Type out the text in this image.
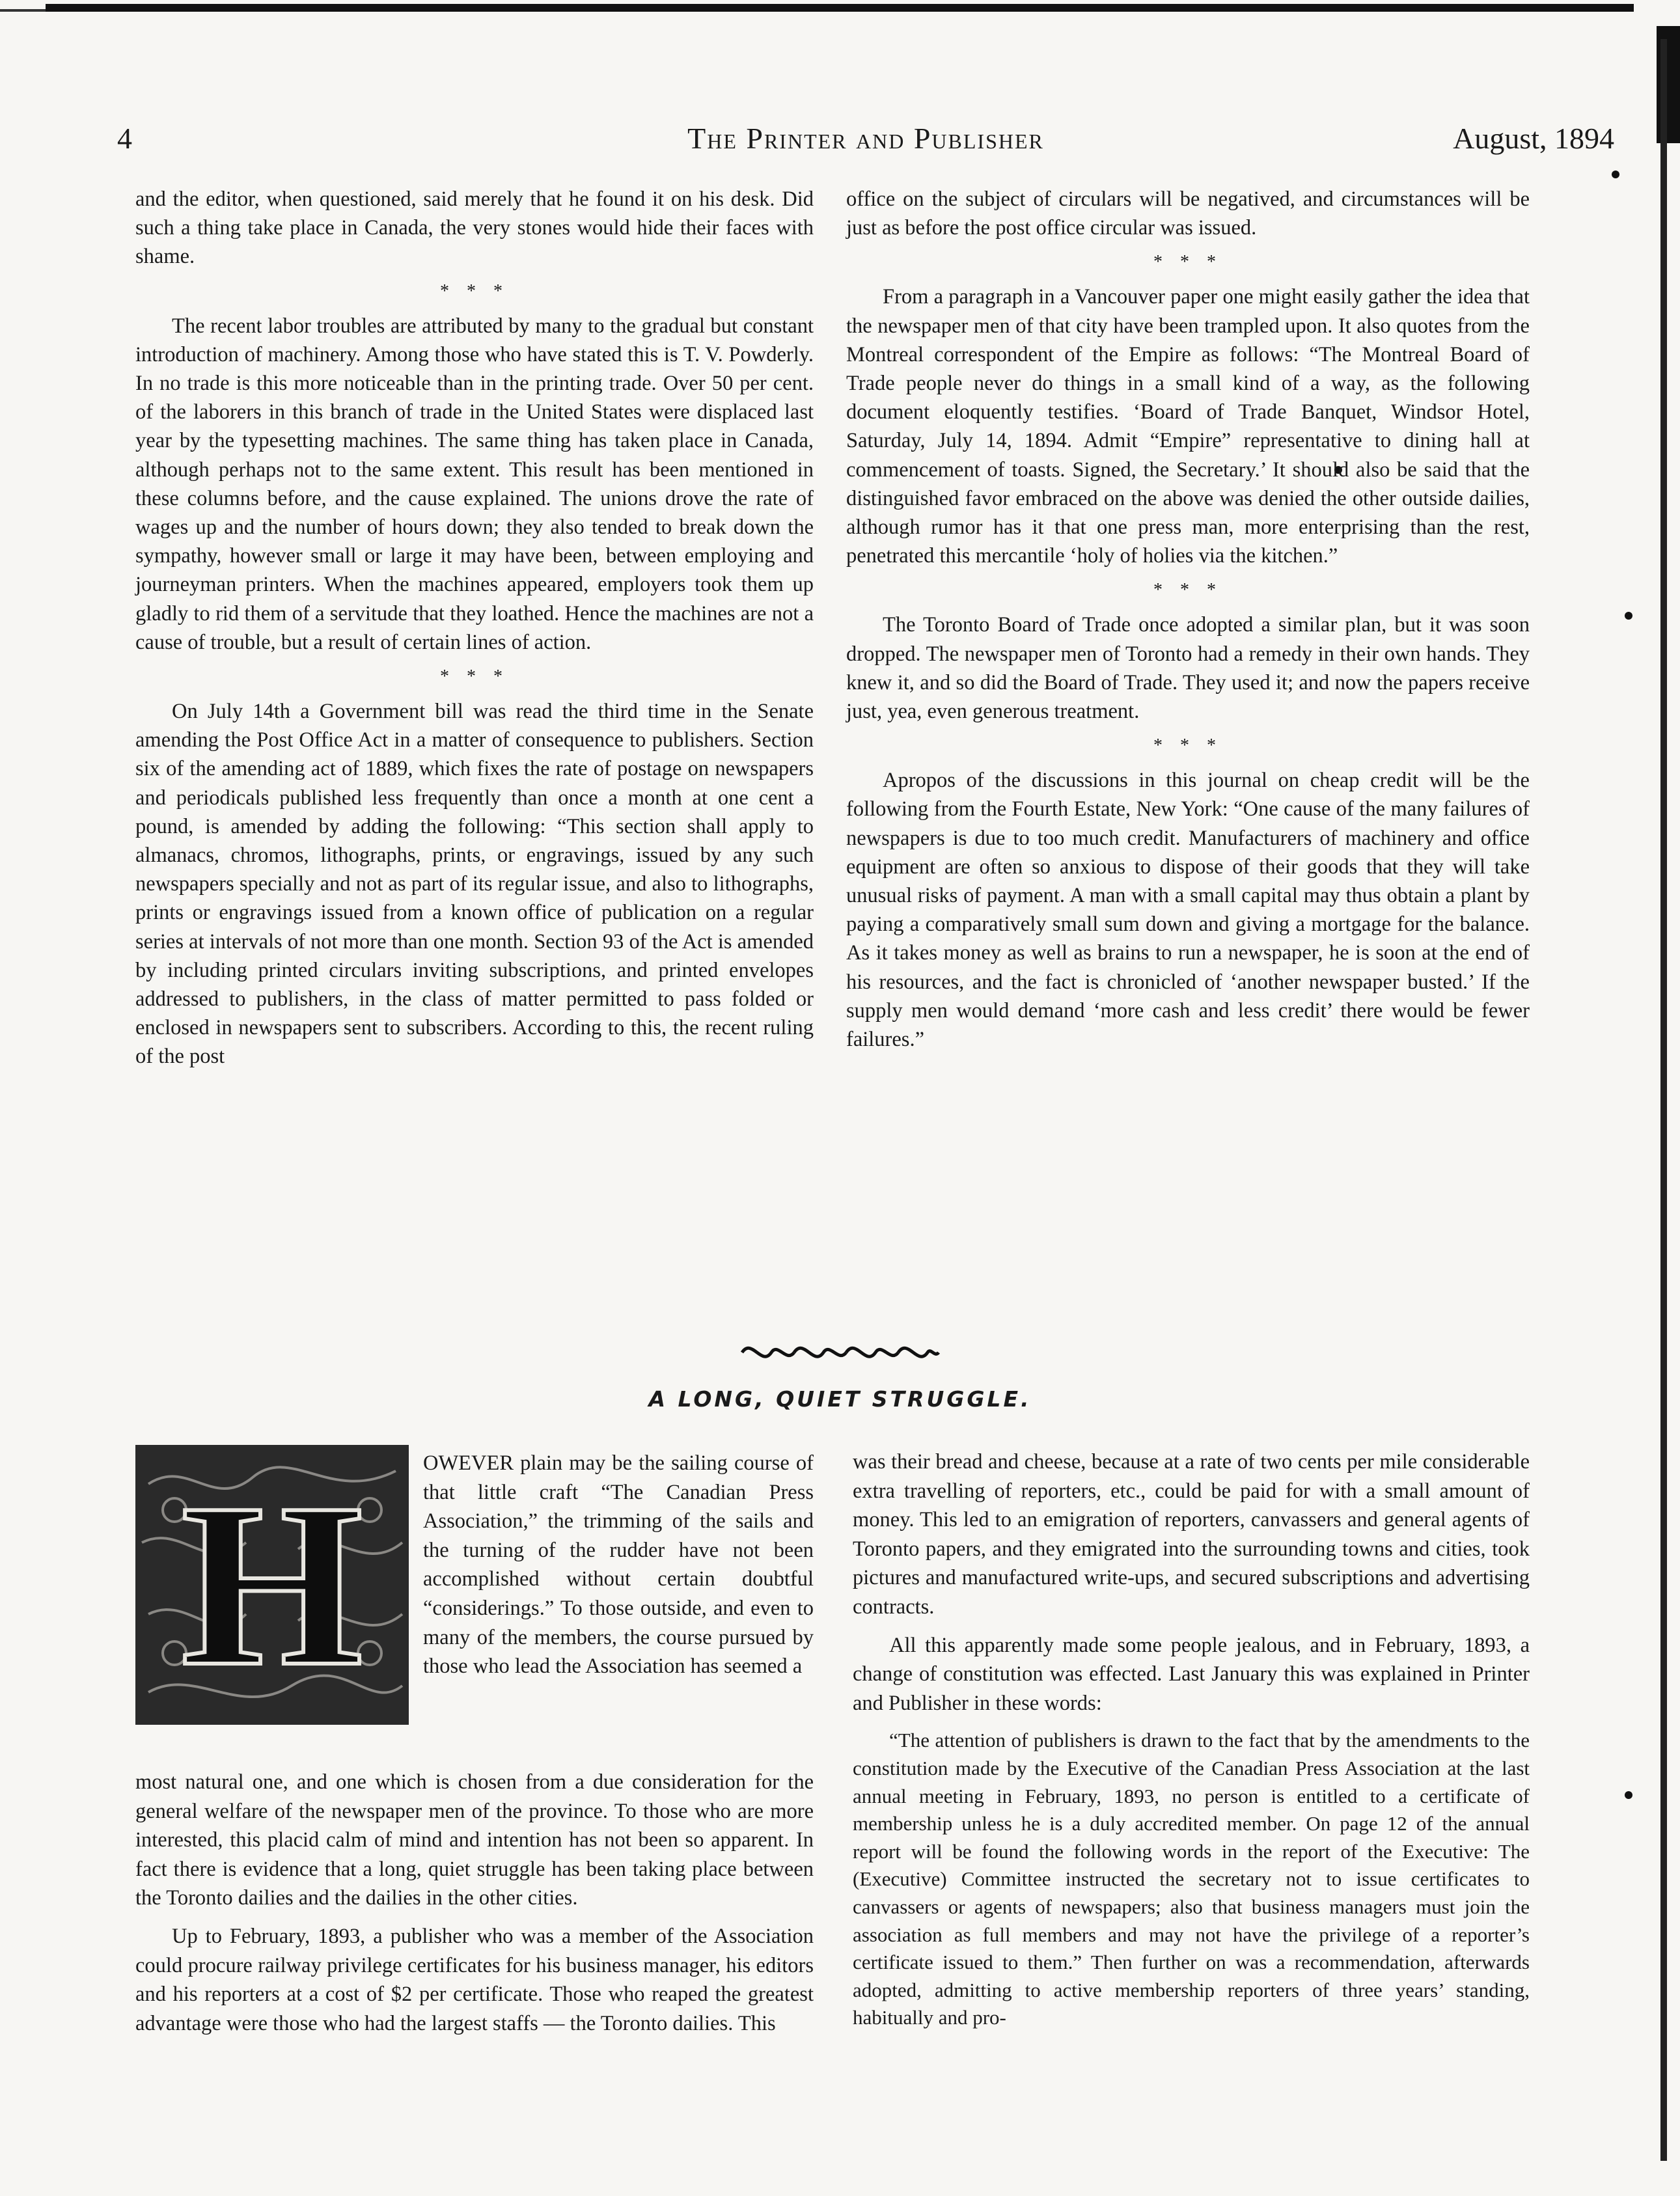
4	The Printer and Publisher	August, 1894

and the editor, when questioned, said merely that he found it on his desk. Did such a thing take place in Canada, the very stones would hide their faces with shame.

* * *

The recent labor troubles are attributed by many to the gradual but constant introduction of machinery. Among those who have stated this is T. V. Powderly. In no trade is this more noticeable than in the printing trade. Over 50 per cent. of the laborers in this branch of trade in the United States were displaced last year by the typesetting machines. The same thing has taken place in Canada, although perhaps not to the same extent. This result has been mentioned in these columns before, and the cause explained. The unions drove the rate of wages up and the number of hours down; they also tended to break down the sympathy, however small or large it may have been, between employing and journeyman printers. When the machines appeared, employers took them up gladly to rid them of a servitude that they loathed. Hence the machines are not a cause of trouble, but a result of certain lines of action.

* * *

On July 14th a Government bill was read the third time in the Senate amending the Post Office Act in a matter of consequence to publishers. Section six of the amending act of 1889, which fixes the rate of postage on newspapers and periodicals published less frequently than once a month at one cent a pound, is amended by adding the following: “This section shall apply to almanacs, chromos, lithographs, prints, or engravings, issued by any such newspapers specially and not as part of its regular issue, and also to lithographs, prints or engravings issued from a known office of publication on a regular series at intervals of not more than one month. Section 93 of the Act is amended by including printed circulars inviting subscriptions, and printed envelopes addressed to publishers, in the class of matter permitted to pass folded or enclosed in newspapers sent to subscribers. According to this, the recent ruling of the post

office on the subject of circulars will be negatived, and circumstances will be just as before the post office circular was issued.

* * *

From a paragraph in a Vancouver paper one might easily gather the idea that the newspaper men of that city have been trampled upon. It also quotes from the Montreal correspondent of the Empire as follows: “The Montreal Board of Trade people never do things in a small kind of a way, as the following document eloquently testifies. ‘Board of Trade Banquet, Windsor Hotel, Saturday, July 14, 1894. Admit “Empire” representative to dining hall at commencement of toasts. Signed, the Secretary.’ It should also be said that the distinguished favor embraced on the above was denied the other outside dailies, although rumor has it that one press man, more enterprising than the rest, penetrated this mercantile ‘holy of holies via the kitchen.”

* * *

The Toronto Board of Trade once adopted a similar plan, but it was soon dropped. The newspaper men of Toronto had a remedy in their own hands. They knew it, and so did the Board of Trade. They used it; and now the papers receive just, yea, even generous treatment.

* * *

Apropos of the discussions in this journal on cheap credit will be the following from the Fourth Estate, New York: “One cause of the many failures of newspapers is due to too much credit. Manufacturers of machinery and office equipment are often so anxious to dispose of their goods that they will take unusual risks of payment. A man with a small capital may thus obtain a plant by paying a comparatively small sum down and giving a mortgage for the balance. As it takes money as well as brains to run a newspaper, he is soon at the end of his resources, and the fact is chronicled of ‘another newspaper busted.’ If the supply men would demand ‘more cash and less credit’ there would be fewer failures.”

A LONG, QUIET STRUGGLE.
H	OWEVER plain may be the sailing course of that little craft “The Canadian Press Association,” the trimming of the sails and the turning of the rudder have not been accomplished without certain doubtful “considerings.” To those outside, and even to many of the members, the course pursued by those who lead the Association has seemed a

most natural one, and one which is chosen from a due consideration for the general welfare of the newspaper men of the province. To those who are more interested, this placid calm of mind and intention has not been so apparent. In fact there is evidence that a long, quiet struggle has been taking place between the Toronto dailies and the dailies in the other cities.

Up to February, 1893, a publisher who was a member of the Association could procure railway privilege certificates for his business manager, his editors and his reporters at a cost of $2 per certificate. Those who reaped the greatest advantage were those who had the largest staffs — the Toronto dailies. This

was their bread and cheese, because at a rate of two cents per mile considerable extra travelling of reporters, etc., could be paid for with a small amount of money. This led to an emigration of reporters, canvassers and general agents of Toronto papers, and they emigrated into the surrounding towns and cities, took pictures and manufactured write-ups, and secured subscriptions and advertising contracts.

All this apparently made some people jealous, and in February, 1893, a change of constitution was effected. Last January this was explained in Printer and Publisher in these words:

“The attention of publishers is drawn to the fact that by the amendments to the constitution made by the Executive of the Canadian Press Association at the last annual meeting in February, 1893, no person is entitled to a certificate of membership unless he is a duly accredited member. On page 12 of the annual report will be found the following words in the report of the Executive: The (Executive) Committee instructed the secretary not to issue certificates to canvassers or agents of newspapers; also that business managers must join the association as full members and may not have the privilege of a reporter’s certificate issued to them.” Then further on was a recommendation, afterwards adopted, admitting to active membership reporters of three years’ standing, habitually and pro-
